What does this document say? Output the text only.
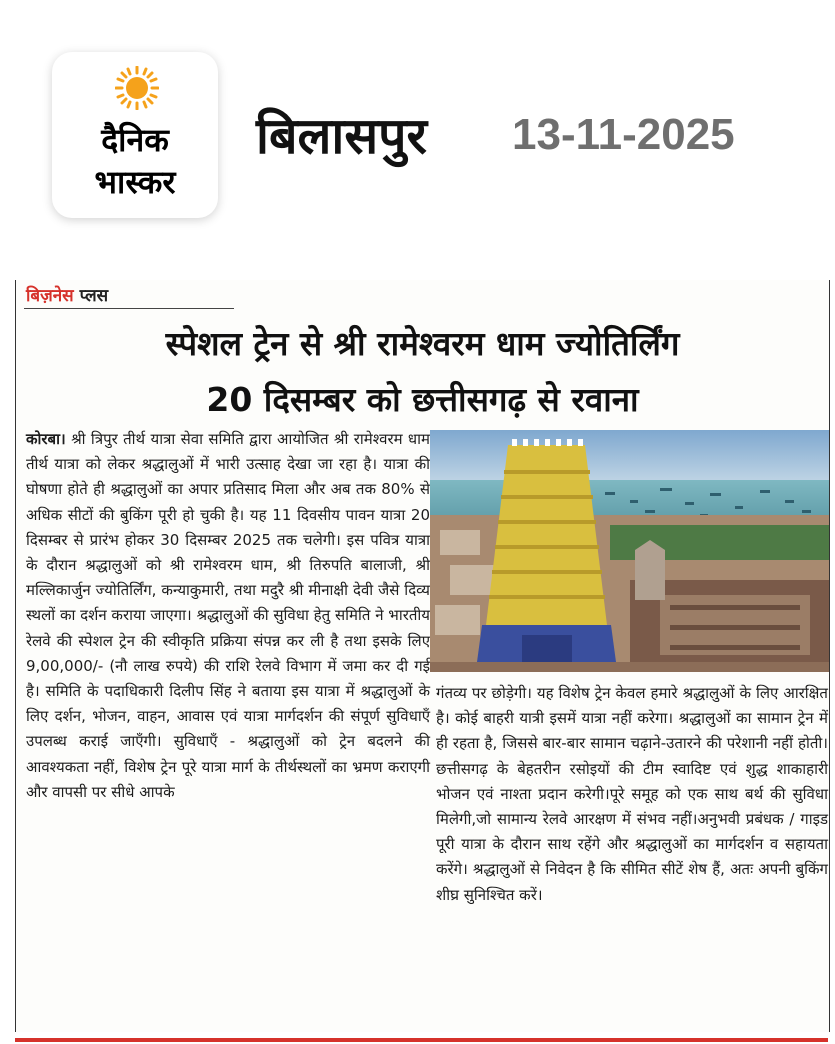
दैनिक
भास्कर
बिलासपुर 13-11-2025
बिज़नेस प्लस
स्पेशल ट्रेन से श्री रामेश्वरम धाम ज्योतिर्लिंग
20 दिसम्बर को छत्तीसगढ़ से रवाना
कोरबा। श्री त्रिपुर तीर्थ यात्रा सेवा समिति द्वारा आयोजित श्री रामेश्वरम धाम तीर्थ यात्रा को लेकर श्रद्धालुओं में भारी उत्साह देखा जा रहा है। यात्रा की घोषणा होते ही श्रद्धालुओं का अपार प्रतिसाद मिला और अब तक 80% से अधिक सीटों की बुकिंग पूरी हो चुकी है। यह 11 दिवसीय पावन यात्रा 20 दिसम्बर से प्रारंभ होकर 30 दिसम्बर 2025 तक चलेगी। इस पवित्र यात्रा के दौरान श्रद्धालुओं को श्री रामेश्वरम धाम, श्री तिरुपति बालाजी, श्री मल्लिकार्जुन ज्योतिर्लिंग, कन्याकुमारी, तथा मदुरै श्री मीनाक्षी देवी जैसे दिव्य स्थलों का दर्शन कराया जाएगा। श्रद्धालुओं की सुविधा हेतु समिति ने भारतीय रेलवे की स्पेशल ट्रेन की स्वीकृति प्रक्रिया संपन्न कर ली है तथा इसके लिए 9,00,000/- (नौ लाख रुपये) की राशि रेलवे विभाग में जमा कर दी गई है। समिति के पदाधिकारी दिलीप सिंह ने बताया इस यात्रा में श्रद्धालुओं के लिए दर्शन, भोजन, वाहन, आवास एवं यात्रा मार्गदर्शन की संपूर्ण सुविधाएँ उपलब्ध कराई जाएँगी। सुविधाएँ - श्रद्धालुओं को ट्रेन बदलने की आवश्यकता नहीं, विशेष ट्रेन पूरे यात्रा मार्ग के तीर्थस्थलों का भ्रमण कराएगी और वापसी पर सीधे आपके
गंतव्य पर छोड़ेगी। यह विशेष ट्रेन केवल हमारे श्रद्धालुओं के लिए आरक्षित है। कोई बाहरी यात्री इसमें यात्रा नहीं करेगा। श्रद्धालुओं का सामान ट्रेन में ही रहता है, जिससे बार-बार सामान चढ़ाने-उतारने की परेशानी नहीं होती। छत्तीसगढ़ के बेहतरीन रसोइयों की टीम स्वादिष्ट एवं शुद्ध शाकाहारी भोजन एवं नाश्ता प्रदान करेगी।पूरे समूह को एक साथ बर्थ की सुविधा मिलेगी,जो सामान्य रेलवे आरक्षण में संभव नहीं।अनुभवी प्रबंधक / गाइड पूरी यात्रा के दौरान साथ रहेंगे और श्रद्धालुओं का मार्गदर्शन व सहायता करेंगे। श्रद्धालुओं से निवेदन है कि सीमित सीटें शेष हैं, अतः अपनी बुकिंग शीघ्र सुनिश्चित करें।
